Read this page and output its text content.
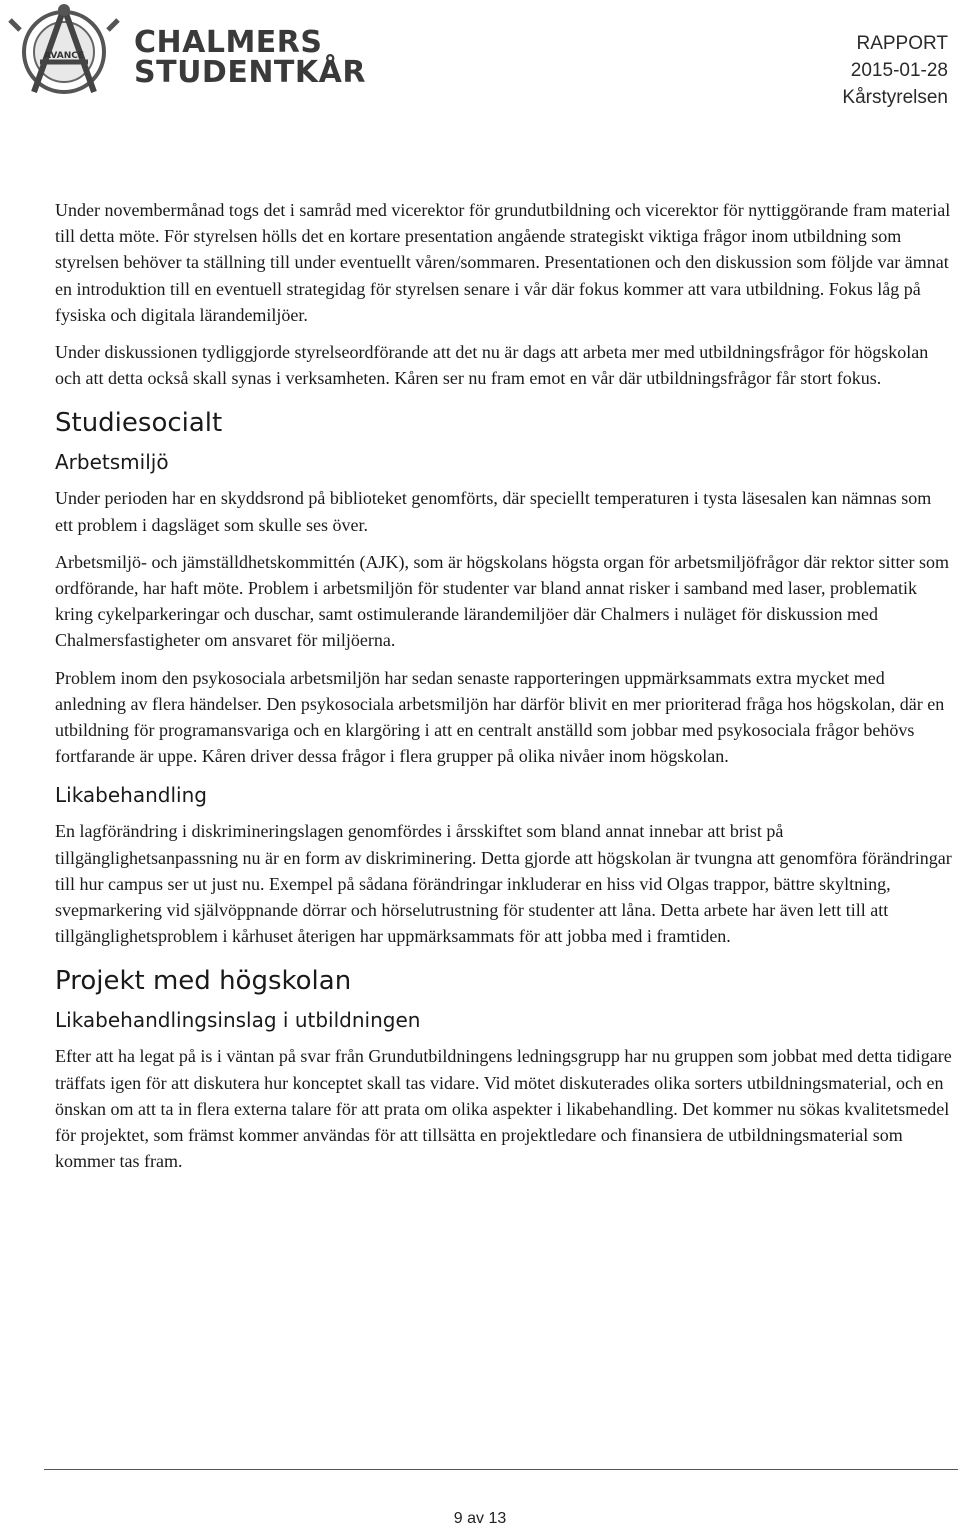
AVANCE CHALMERS
STUDENTKÅR
RAPPORT
2015-01-28
Kårstyrelsen

Under novembermånad togs det i samråd med vicerektor för grundutbildning och vicerektor för nyttiggörande fram material till detta möte. För styrelsen hölls det en kortare presentation angående strategiskt viktiga frågor inom utbildning som styrelsen behöver ta ställning till under eventuellt våren/sommaren. Presentationen och den diskussion som följde var ämnat en introduktion till en eventuell strategidag för styrelsen senare i vår där fokus kommer att vara utbildning. Fokus låg på fysiska och digitala lärandemiljöer.

Under diskussionen tydliggjorde styrelseordförande att det nu är dags att arbeta mer med utbildningsfrågor för högskolan och att detta också skall synas i verksamheten. Kåren ser nu fram emot en vår där utbildningsfrågor får stort fokus.

Studiesocialt
Arbetsmiljö

Under perioden har en skyddsrond på biblioteket genomförts, där speciellt temperaturen i tysta läsesalen kan nämnas som ett problem i dagsläget som skulle ses över.

Arbetsmiljö- och jämställdhetskommittén (AJK), som är högskolans högsta organ för arbetsmiljöfrågor där rektor sitter som ordförande, har haft möte. Problem i arbetsmiljön för studenter var bland annat risker i samband med laser, problematik kring cykelparkeringar och duschar, samt ostimulerande lärandemiljöer där Chalmers i nuläget för diskussion med Chalmersfastigheter om ansvaret för miljöerna.

Problem inom den psykosociala arbetsmiljön har sedan senaste rapporteringen uppmärksammats extra mycket med anledning av flera händelser. Den psykosociala arbetsmiljön har därför blivit en mer prioriterad fråga hos högskolan, där en utbildning för programansvariga och en klargöring i att en centralt anställd som jobbar med psykosociala frågor behövs fortfarande är uppe. Kåren driver dessa frågor i flera grupper på olika nivåer inom högskolan.

Likabehandling

En lagförändring i diskrimineringslagen genomfördes i årsskiftet som bland annat innebar att brist på tillgänglighetsanpassning nu är en form av diskriminering. Detta gjorde att högskolan är tvungna att genomföra förändringar till hur campus ser ut just nu. Exempel på sådana förändringar inkluderar en hiss vid Olgas trappor, bättre skyltning, svepmarkering vid självöppnande dörrar och hörselutrustning för studenter att låna. Detta arbete har även lett till att tillgänglighetsproblem i kårhuset återigen har uppmärksammats för att jobba med i framtiden.

Projekt med högskolan
Likabehandlingsinslag i utbildningen

Efter att ha legat på is i väntan på svar från Grundutbildningens ledningsgrupp har nu gruppen som jobbat med detta tidigare träffats igen för att diskutera hur konceptet skall tas vidare. Vid mötet diskuterades olika sorters utbildningsmaterial, och en önskan om att ta in flera externa talare för att prata om olika aspekter i likabehandling. Det kommer nu sökas kvalitetsmedel för projektet, som främst kommer användas för att tillsätta en projektledare och finansiera de utbildningsmaterial som kommer tas fram.

9 av 13
